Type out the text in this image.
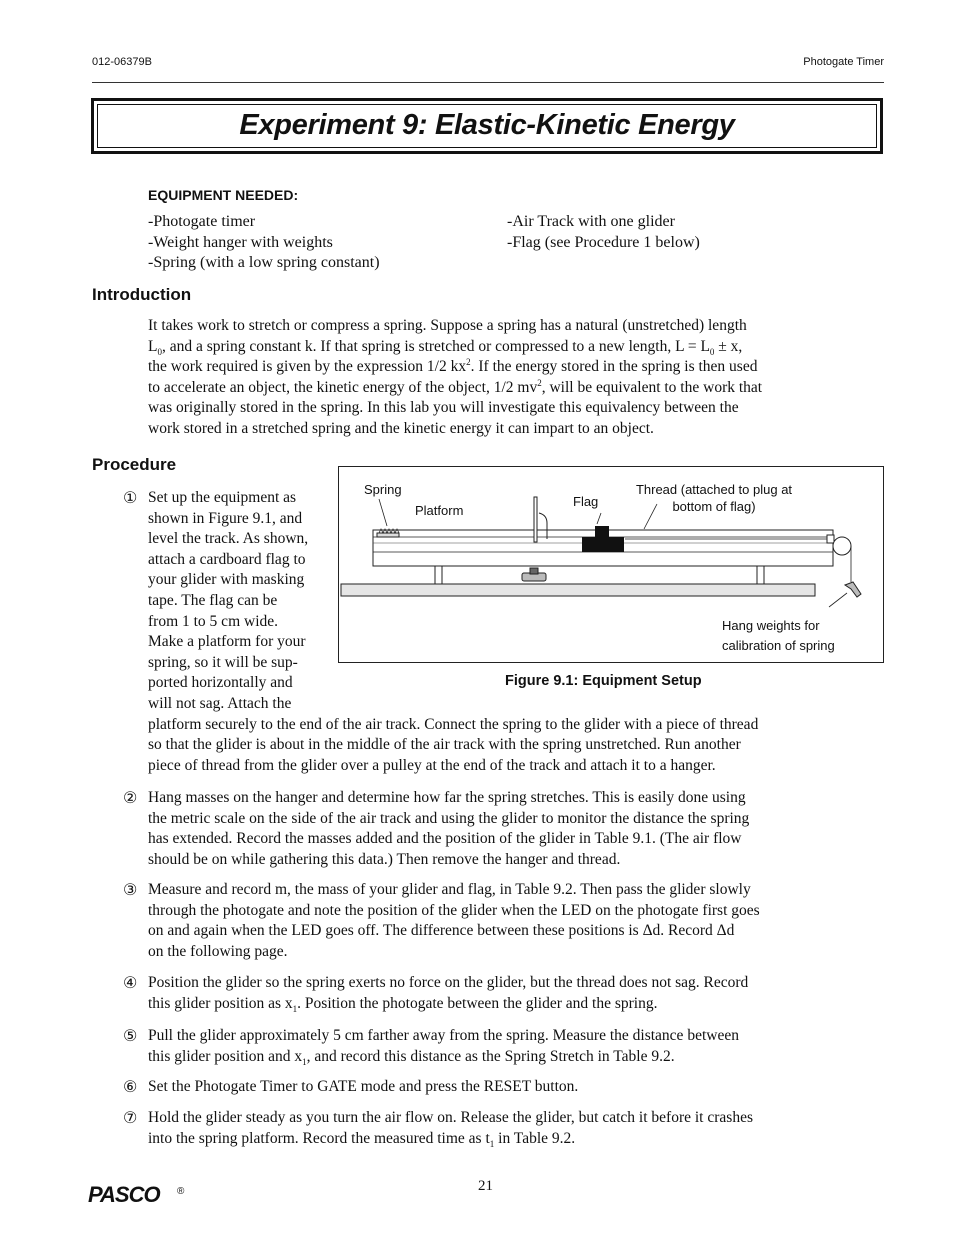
012-06379B	Photogate Timer
Experiment 9: Elastic-Kinetic Energy
EQUIPMENT NEEDED:
-Photogate timer
-Weight hanger with weights
-Spring (with a low spring constant)
-Air Track with one glider
-Flag (see Procedure 1 below)
Introduction
It takes work to stretch or compress a spring. Suppose a spring has a natural (unstretched) length
$L_0$, and a spring constant k. If that spring is stretched or compressed to a new length, $L = L_0 \pm x$,
the work required is given by the expression 1/2 $kx^2$. If the energy stored in the spring is then used
to accelerate an object, the kinetic energy of the object, 1/2 $mv^2$, will be equivalent to the work that
was originally stored in the spring. In this lab you will investigate this equivalency between the
work stored in a stretched spring and the kinetic energy it can impart to an object.
Procedure
Spring
Platform
Flag
Thread (attached to plug at
bottom of flag)
Hang weights for
calibration of spring
Figure 9.1: Equipment Setup
① Set up the equipment as
shown in Figure 9.1, and
level the track. As shown,
attach a cardboard flag to
your glider with masking
tape. The flag can be
from 1 to 5 cm wide.
Make a platform for your
spring, so it will be sup-
ported horizontally and
will not sag. Attach the
platform securely to the end of the air track. Connect the spring to the glider with a piece of thread
so that the glider is about in the middle of the air track with the spring unstretched. Run another
piece of thread from the glider over a pulley at the end of the track and attach it to a hanger.
② Hang masses on the hanger and determine how far the spring stretches. This is easily done using
the metric scale on the side of the air track and using the glider to monitor the distance the spring
has extended. Record the masses added and the position of the glider in Table 9.1. (The air flow
should be on while gathering this data.) Then remove the hanger and thread.
③ Measure and record m, the mass of your glider and flag, in Table 9.2. Then pass the glider slowly
through the photogate and note the position of the glider when the LED on the photogate first goes
on and again when the LED goes off. The difference between these positions is Δd. Record Δd
on the following page.
④ Position the glider so the spring exerts no force on the glider, but the thread does not sag. Record
this glider position as $x_1$. Position the photogate between the glider and the spring.
⑤ Pull the glider approximately 5 cm farther away from the spring. Measure the distance between
this glider position and $x_1$, and record this distance as the Spring Stretch in Table 9.2.
⑥ Set the Photogate Timer to GATE mode and press the RESET button.
⑦ Hold the glider steady as you turn the air flow on. Release the glider, but catch it before it crashes
into the spring platform. Record the measured time as $t_1$ in Table 9.2.
PASCO ®	21
